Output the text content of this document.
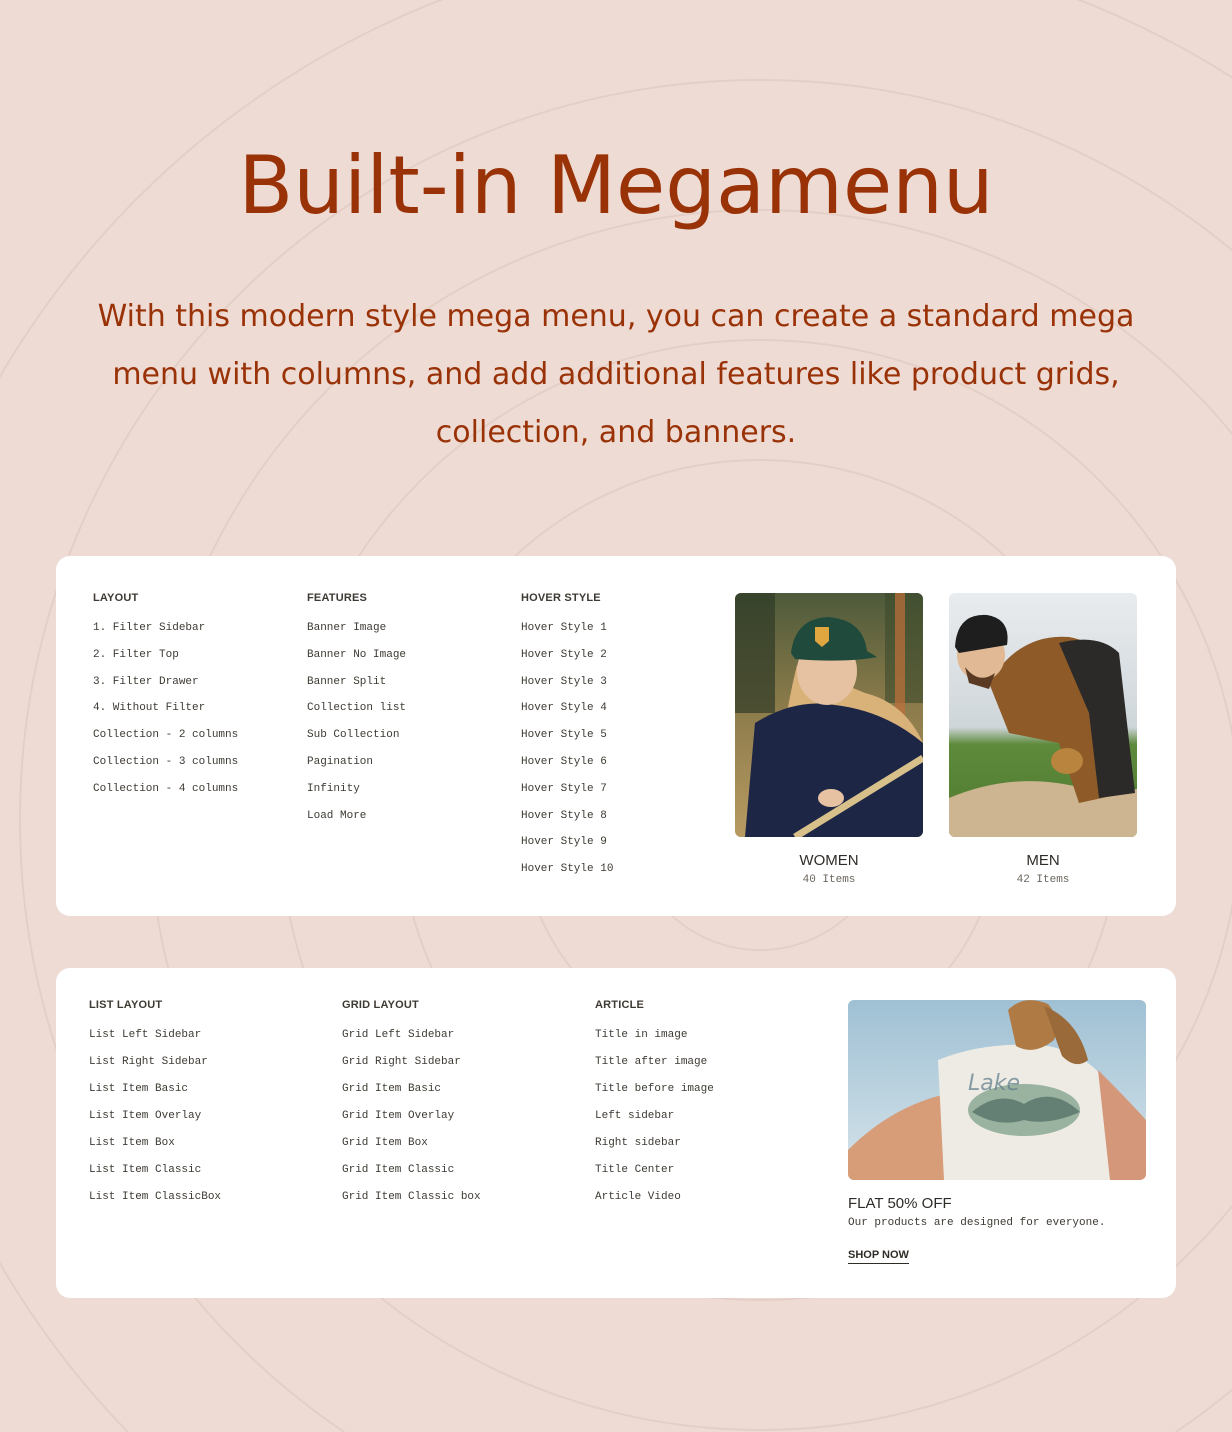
Built-in Megamenu

With this modern style mega menu, you can create a standard mega menu with columns, and add additional features like product grids, collection, and banners.

LAYOUT
1. Filter Sidebar
2. Filter Top
3. Filter Drawer
4. Without Filter
Collection - 2 columns
Collection - 3 columns
Collection - 4 columns
FEATURES
Banner Image
Banner No Image
Banner Split
Collection list
Sub Collection
Pagination
Infinity
Load More
HOVER STYLE
Hover Style 1
Hover Style 2
Hover Style 3
Hover Style 4
Hover Style 5
Hover Style 6
Hover Style 7
Hover Style 8
Hover Style 9
Hover Style 10
WOMEN
40 Items
MEN
42 Items
LIST LAYOUT
List Left Sidebar
List Right Sidebar
List Item Basic
List Item Overlay
List Item Box
List Item Classic
List Item ClassicBox
GRID LAYOUT
Grid Left Sidebar
Grid Right Sidebar
Grid Item Basic
Grid Item Overlay
Grid Item Box
Grid Item Classic
Grid Item Classic box
ARTICLE
Title in image
Title after image
Title before image
Left sidebar
Right sidebar
Title Center
Article Video
Lake
FLAT 50% OFF
Our products are designed for everyone.
SHOP NOW
